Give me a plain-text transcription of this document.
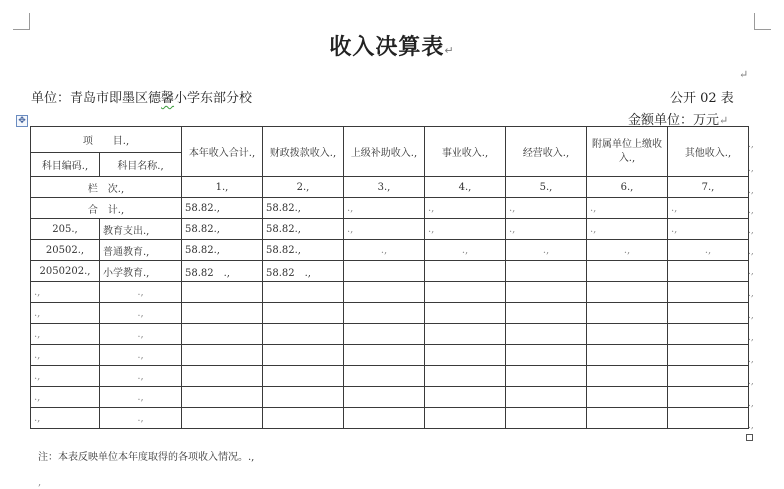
收入决算表↵
↵
单位：青岛市即墨区德馨小学东部分校	公开 02 表
金额单位：万元↵
✥
项　　目.,		本年收入合计.,	财政拨款收入.,	上级补助收入.,	事业收入.,	经营收入.,	附属单位上缴收入.,	其他收入.,
科目编码.,	科目名称.,							
栏　次.,		1.,	2.,	3.,	4.,	5.,	6.,	7.,
合　计.,		58.82.,	58.82.,	.,	.,	.,	.,	.,
205.,	教育支出.,	58.82.,	58.82.,	.,	.,	.,	.,	.,
20502.,	普通教育.,	58.82.,	58.82.,	.,	.,	.,	.,	.,
2050202.,	小学教育.,	58.82　.,	58.82　.,					
.,	.,							
.,	.,							
.,	.,							
.,	.,							
.,	.,							
.,	.,							
.,	.,							
.,
.,
.,
.,
.,
.,
.,
.,
.,
.,
.,
.,
.,
.,
注：本表反映单位本年度取得的各项收入情况。.,
,
